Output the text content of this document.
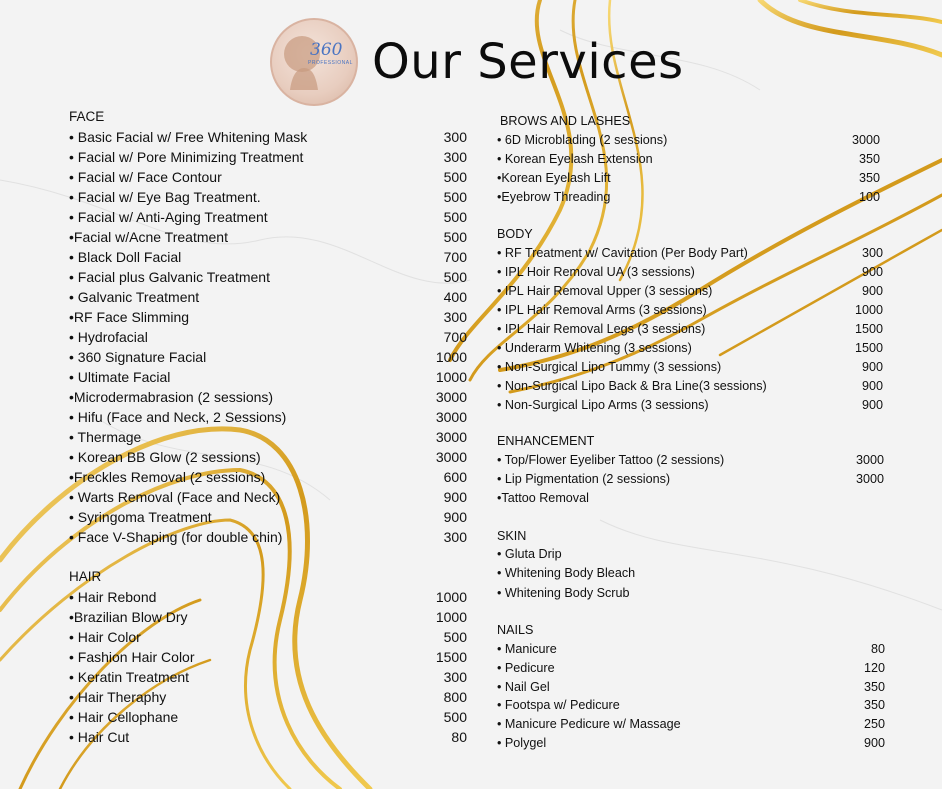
360
PROFESSIONAL Our Services
FACE
• Basic Facial w/ Free Whitening Mask	300
• Facial w/ Pore Minimizing Treatment	300
• Facial w/ Face Contour	500
• Facial w/ Eye Bag Treatment.	500
• Facial w/ Anti-Aging Treatment	500
•Facial w/Acne Treatment	500
• Black Doll Facial	700
• Facial plus Galvanic Treatment	500
• Galvanic Treatment	400
•RF Face Slimming	300
• Hydrofacial	700
• 360 Signature Facial	1000
• Ultimate Facial	1000
•Microdermabrasion (2 sessions)	3000
• Hifu (Face and Neck, 2 Sessions)	3000
• Thermage	3000
• Korean BB Glow (2 sessions)	3000
•Freckles Removal (2 sessions)	600
• Warts Removal (Face and Neck)	900
• Syringoma Treatment	900
• Face V-Shaping (for double chin)	300
HAIR
• Hair Rebond	1000
•Brazilian Blow Dry	1000
• Hair Color	500
• Fashion Hair Color	1500
• Keratin Treatment	300
• Hair Theraphy	800
• Hair Cellophane	500
• Hair Cut	80
BROWS AND LASHES
• 6D Microblading (2 sessions)	3000
• Korean Eyelash Extension	350
•Korean Eyelash Lift	350
•Eyebrow Threading	100
BODY
• RF Treatment w/ Cavitation (Per Body Part)	300
• IPL Hoir Removal UA (3 sessions)	900
• IPL Hair Removal Upper (3 sessions)	900
• IPL Hair Removal Arms (3 sessions)	1000
• IPL Hair Removal Legs (3 sessions)	1500
• Underarm Whitening (3 sessions)	1500
• Non-Surgical Lipo Tummy (3 sessions)	900
• Non-Surgical Lipo Back & Bra Line(3 sessions)	900
• Non-Surgical Lipo Arms (3 sessions)	900
ENHANCEMENT
• Top/Flower Eyeliber Tattoo (2 sessions)	3000
• Lip Pigmentation (2 sessions)	3000
•Tattoo Removal
SKIN
• Gluta Drip
• Whitening Body Bleach
• Whitening Body Scrub
NAILS
• Manicure	80
• Pedicure	120
• Nail Gel	350
• Footspa w/ Pedicure	350
• Manicure Pedicure w/ Massage	250
• Polygel	900
